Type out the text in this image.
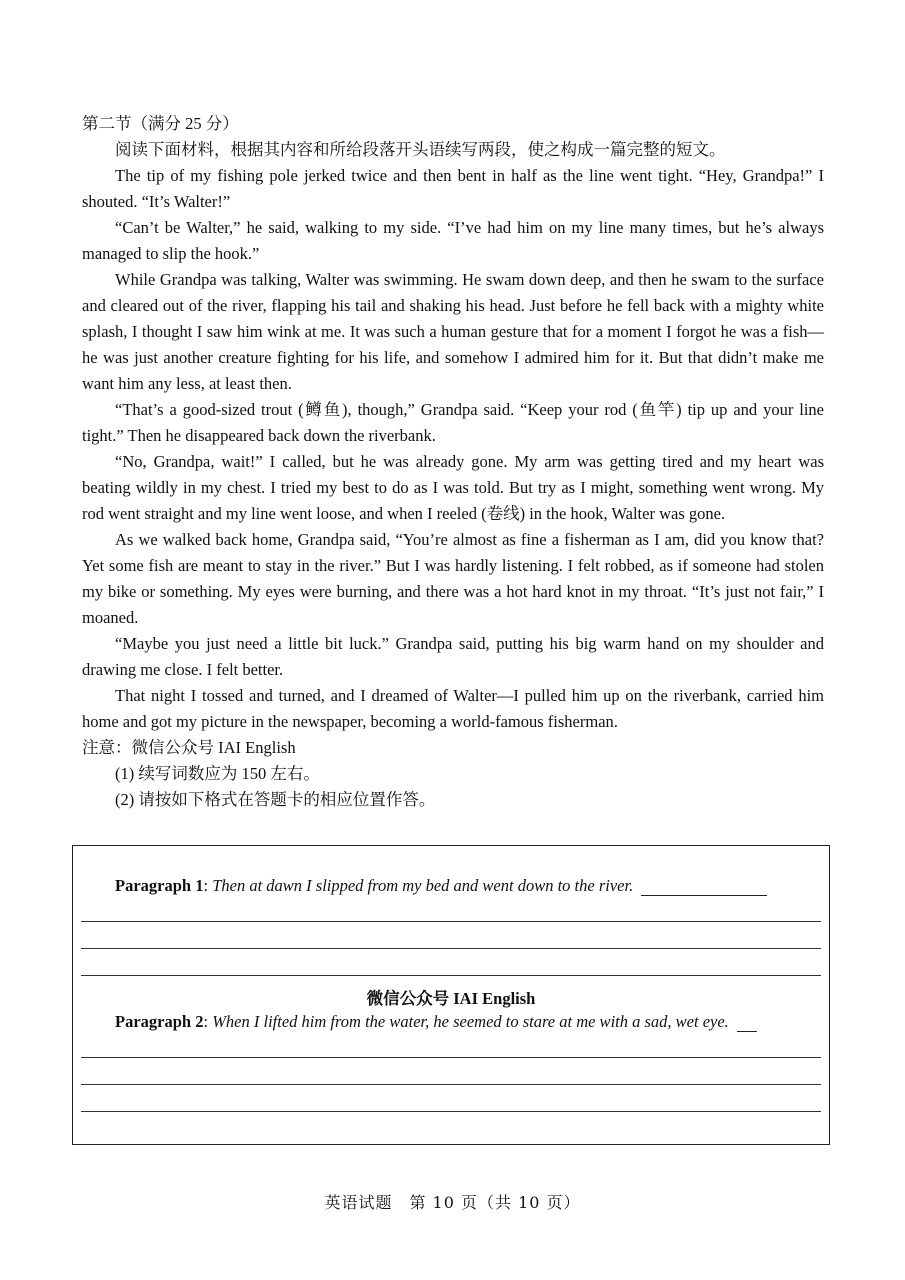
第二节（满分 25 分）

阅读下面材料，根据其内容和所给段落开头语续写两段，使之构成一篇完整的短文。

The tip of my fishing pole jerked twice and then bent in half as the line went tight. “Hey, Grandpa!” I shouted. “It’s Walter!”

“Can’t be Walter,” he said, walking to my side. “I’ve had him on my line many times, but he’s always managed to slip the hook.”

While Grandpa was talking, Walter was swimming. He swam down deep, and then he swam to the surface and cleared out of the river, flapping his tail and shaking his head. Just before he fell back with a mighty white splash, I thought I saw him wink at me. It was such a human gesture that for a moment I forgot he was a fish—he was just another creature fighting for his life, and somehow I admired him for it. But that didn’t make me want him any less, at least then.

“That’s a good-sized trout (鳟鱼), though,” Grandpa said. “Keep your rod (鱼竿) tip up and your line tight.” Then he disappeared back down the riverbank.

“No, Grandpa, wait!” I called, but he was already gone. My arm was getting tired and my heart was beating wildly in my chest. I tried my best to do as I was told. But try as I might, something went wrong. My rod went straight and my line went loose, and when I reeled (卷线) in the hook, Walter was gone.

As we walked back home, Grandpa said, “You’re almost as fine a fisherman as I am, did you know that? Yet some fish are meant to stay in the river.” But I was hardly listening. I felt robbed, as if someone had stolen my bike or something. My eyes were burning, and there was a hot hard knot in my throat. “It’s just not fair,” I moaned.

“Maybe you just need a little bit luck.” Grandpa said, putting his big warm hand on my shoulder and drawing me close. I felt better.

That night I tossed and turned, and I dreamed of Walter—I pulled him up on the riverbank, carried him home and got my picture in the newspaper, becoming a world-famous fisherman.

注意：微信公众号 IAI English

(1) 续写词数应为 150 左右。

(2) 请按如下格式在答题卡的相应位置作答。

Paragraph 1: Then at dawn I slipped from my bed and went down to the river.
微信公众号 IAI English
Paragraph 2: When I lifted him from the water, he seemed to stare at me with a sad, wet eye.
英语试题　第 10 页（共 10 页）
